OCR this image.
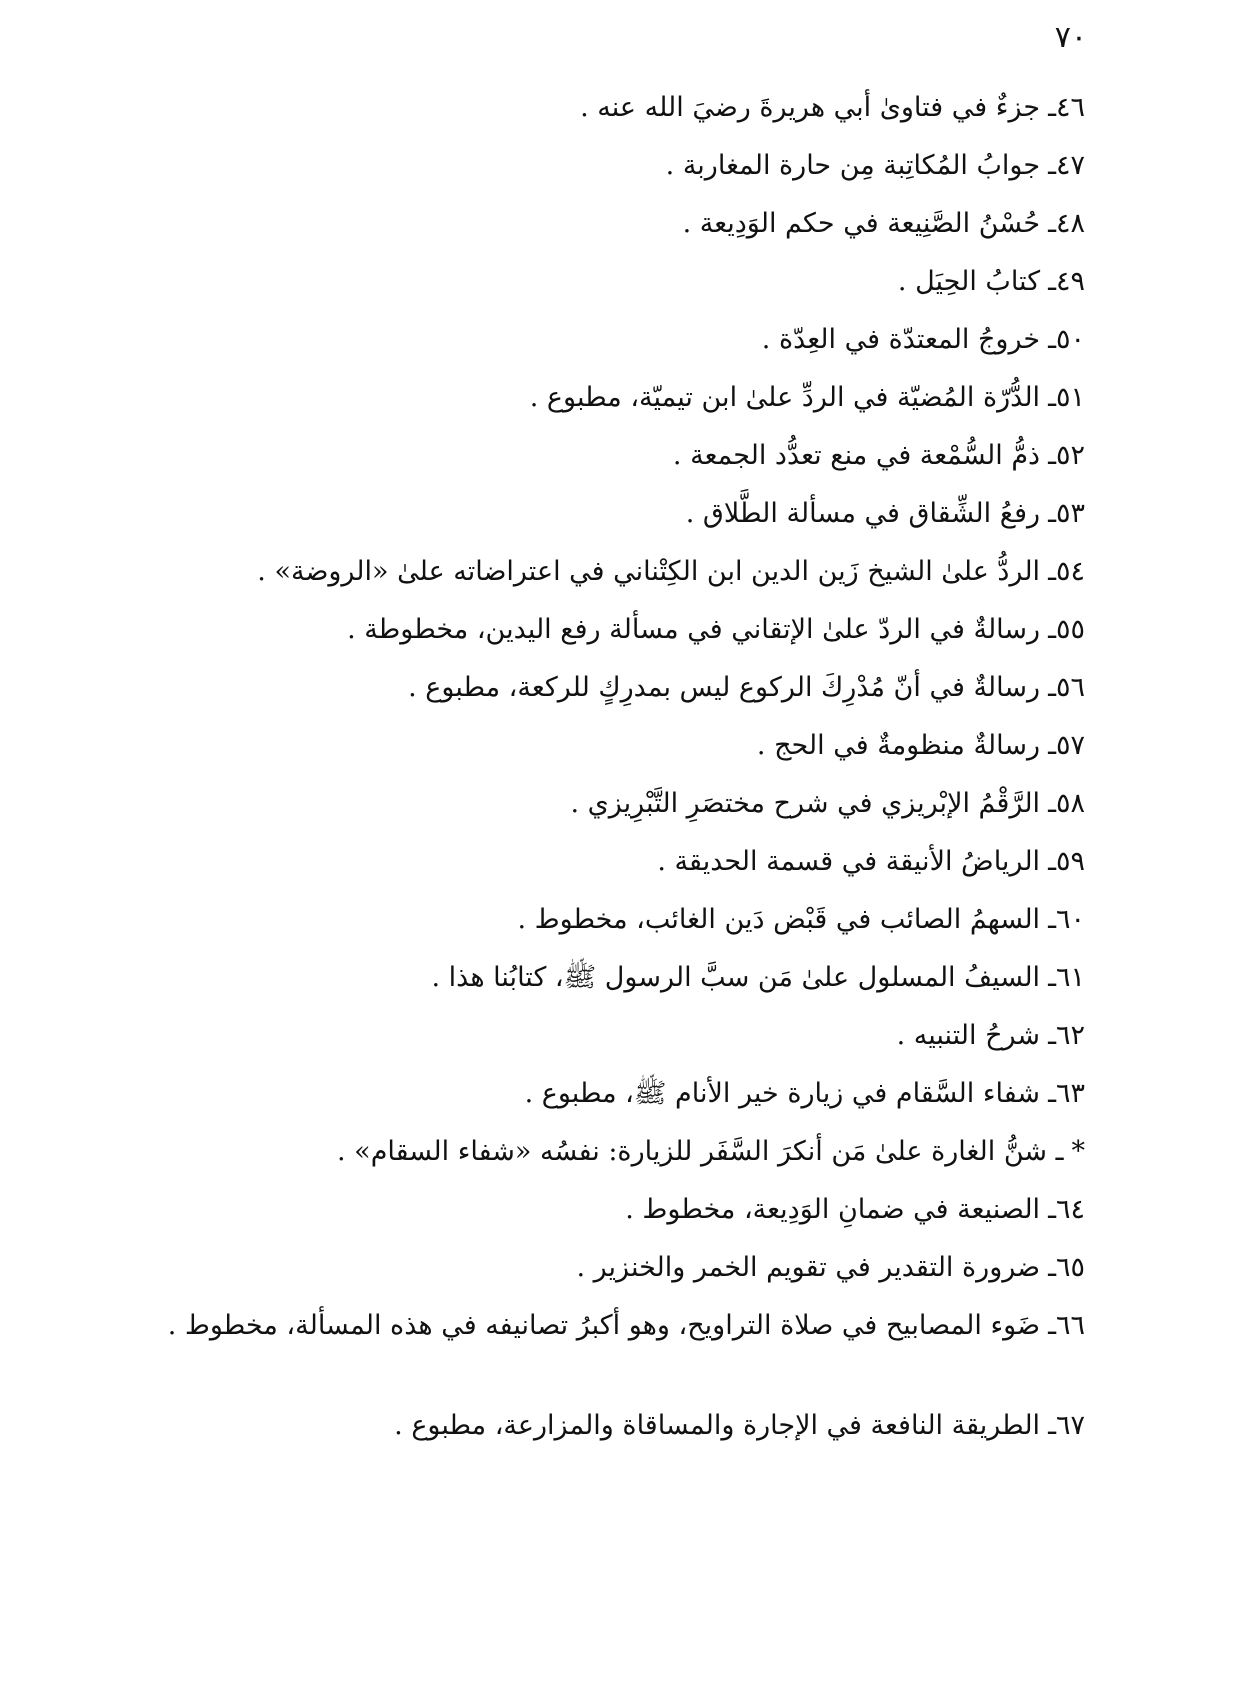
٧٠
٤٦ـ
جزءٌ في فتاوىٰ أبي هريرةَ رضيَ الله عنه .
٤٧ـ
جوابُ المُكاتِبة مِن حارة المغاربة .
٤٨ـ
حُسْنُ الصَّنِيعة في حكم الوَدِيعة .
٤٩ـ
كتابُ الحِيَل .
٥٠ـ
خروجُ المعتدّة في العِدّة .
٥١ـ
الدُّرّة المُضيّة في الردِّ علىٰ ابن تيميّة، مطبوع .
٥٢ـ
ذمُّ السُّمْعة في منع تعدُّد الجمعة .
٥٣ـ
رفعُ الشِّقاق في مسألة الطَّلاق .
٥٤ـ
الردُّ علىٰ الشيخ زَين الدين ابن الكِتْناني في اعتراضاته علىٰ «الروضة» .
٥٥ـ
رسالةٌ في الردّ علىٰ الإتقاني في مسألة رفع اليدين، مخطوطة .
٥٦ـ
رسالةٌ في أنّ مُدْرِكَ الركوع ليس بمدرِكٍ للركعة، مطبوع .
٥٧ـ
رسالةٌ منظومةٌ في الحج .
٥٨ـ
الرَّقْمُ الإبْريزي في شرح مختصَرِ التَّبْرِيزي .
٥٩ـ
الرياضُ الأنيقة في قسمة الحديقة .
٦٠ـ
السهمُ الصائب في قَبْض دَين الغائب، مخطوط .
٦١ـ
السيفُ المسلول علىٰ مَن سبَّ الرسول ﷺ، كتابُنا هذا .
٦٢ـ
شرحُ التنبيه .
٦٣ـ
شفاء السَّقام في زيارة خير الأنام ﷺ، مطبوع .
*
ـ شنُّ الغارة علىٰ مَن أنكرَ السَّفَر للزيارة: نفسُه «شفاء السقام» .
٦٤ـ
الصنيعة في ضمانِ الوَدِيعة، مخطوط .
٦٥ـ
ضرورة التقدير في تقويم الخمر والخنزير .
٦٦ـ
ضَوء المصابيح في صلاة التراويح، وهو أكبرُ تصانيفه في هذه المسألة، مخطوط .
٦٧ـ
الطريقة النافعة في الإجارة والمساقاة والمزارعة، مطبوع .
